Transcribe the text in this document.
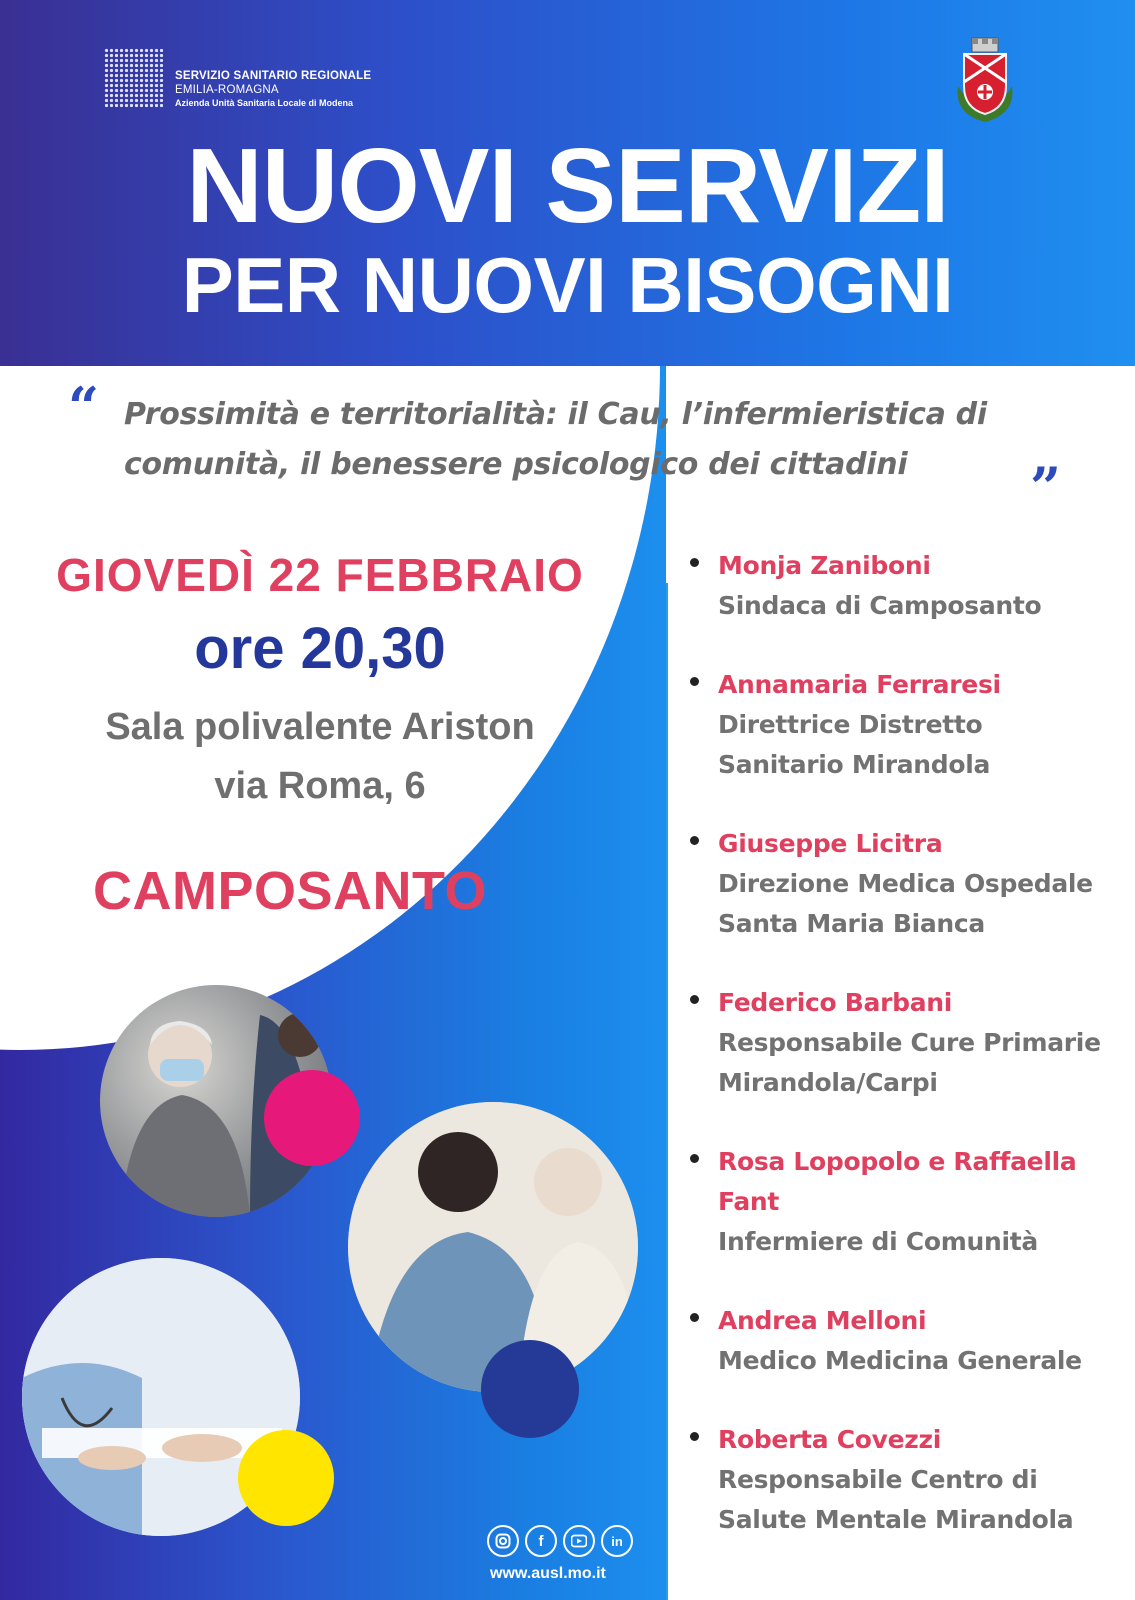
SERVIZIO SANITARIO REGIONALE
EMILIA-ROMAGNA
Azienda Unità Sanitaria Locale di Modena
NUOVI SERVIZI
PER NUOVI BISOGNI
“ Prossimità e territorialità: il Cau, l’infermieristica di comunità, il benessere psicologico dei cittadini	”
GIOVEDÌ 22 FEBBRAIO
ore 20,30
Sala polivalente Ariston
via Roma, 6
CAMPOSANTO
f	in
www.ausl.mo.it
Monja Zaniboni
Sindaca di Camposanto
Annamaria Ferraresi
Direttrice Distretto Sanitario Mirandola
Giuseppe Licitra
Direzione Medica Ospedale Santa Maria Bianca
Federico Barbani
Responsabile Cure Primarie Mirandola/Carpi
Rosa Lopopolo e Raffaella Fant
Infermiere di Comunità
Andrea Melloni
Medico Medicina Generale
Roberta Covezzi
Responsabile Centro di Salute Mentale Mirandola
